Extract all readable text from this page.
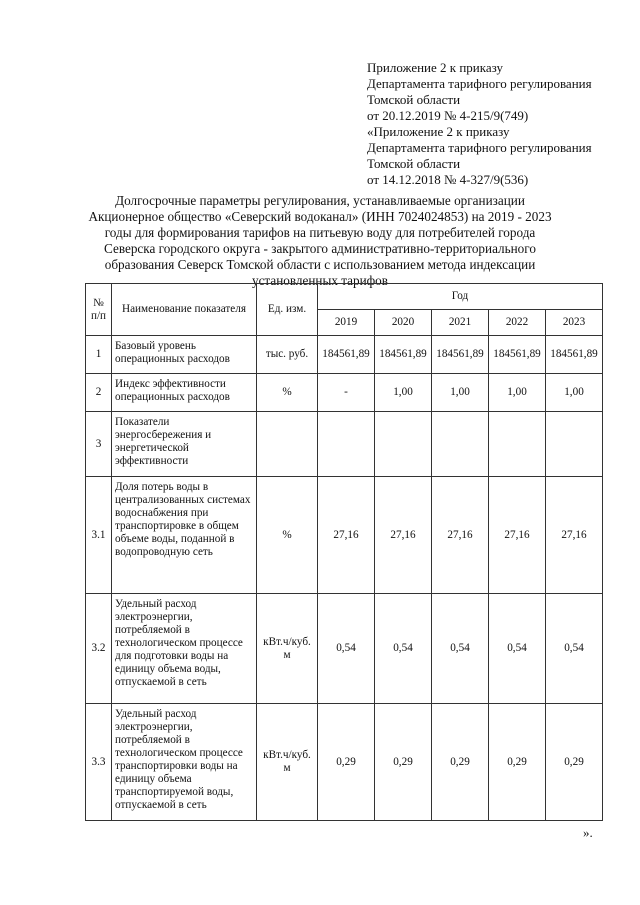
Приложение 2 к приказу
Департамента тарифного регулирования
Томской области
от 20.12.2019 № 4-215/9(749)
«Приложение 2 к приказу
Департамента тарифного регулирования
Томской области
от 14.12.2018 № 4-327/9(536)
Долгосрочные параметры регулирования, устанавливаемые организации Акционерное общество «Северский водоканал» (ИНН 7024024853) на 2019 - 2023 годы для формирования тарифов на питьевую воду для потребителей города Северска городского округа - закрытого административно-территориального образования Северск Томской области с использованием метода индексации установленных тарифов
№ п/п	Наименование показателя	Ед. изм.	Год				
			2019	2020	2021	2022	2023
1	Базовый уровень операционных расходов	тыс. руб.	184561,89	184561,89	184561,89	184561,89	184561,89
2	Индекс эффективности операционных расходов	%	-	1,00	1,00	1,00	1,00
3	Показатели энергосбережения и энергетической эффективности						
3.1	Доля потерь воды в централизованных системах водоснабжения при транспортировке в общем объеме воды, поданной в водопроводную сеть	%	27,16	27,16	27,16	27,16	27,16
3.2	Удельный расход электроэнергии, потребляемой в технологическом процессе для подготовки воды на единицу объема воды, отпускаемой в сеть	кВт.ч/куб. м	0,54	0,54	0,54	0,54	0,54
3.3	Удельный расход электроэнергии, потребляемой в технологическом процессе транспортировки воды на единицу объема транспортируемой воды, отпускаемой в сеть	кВт.ч/куб. м	0,29	0,29	0,29	0,29	0,29
».
